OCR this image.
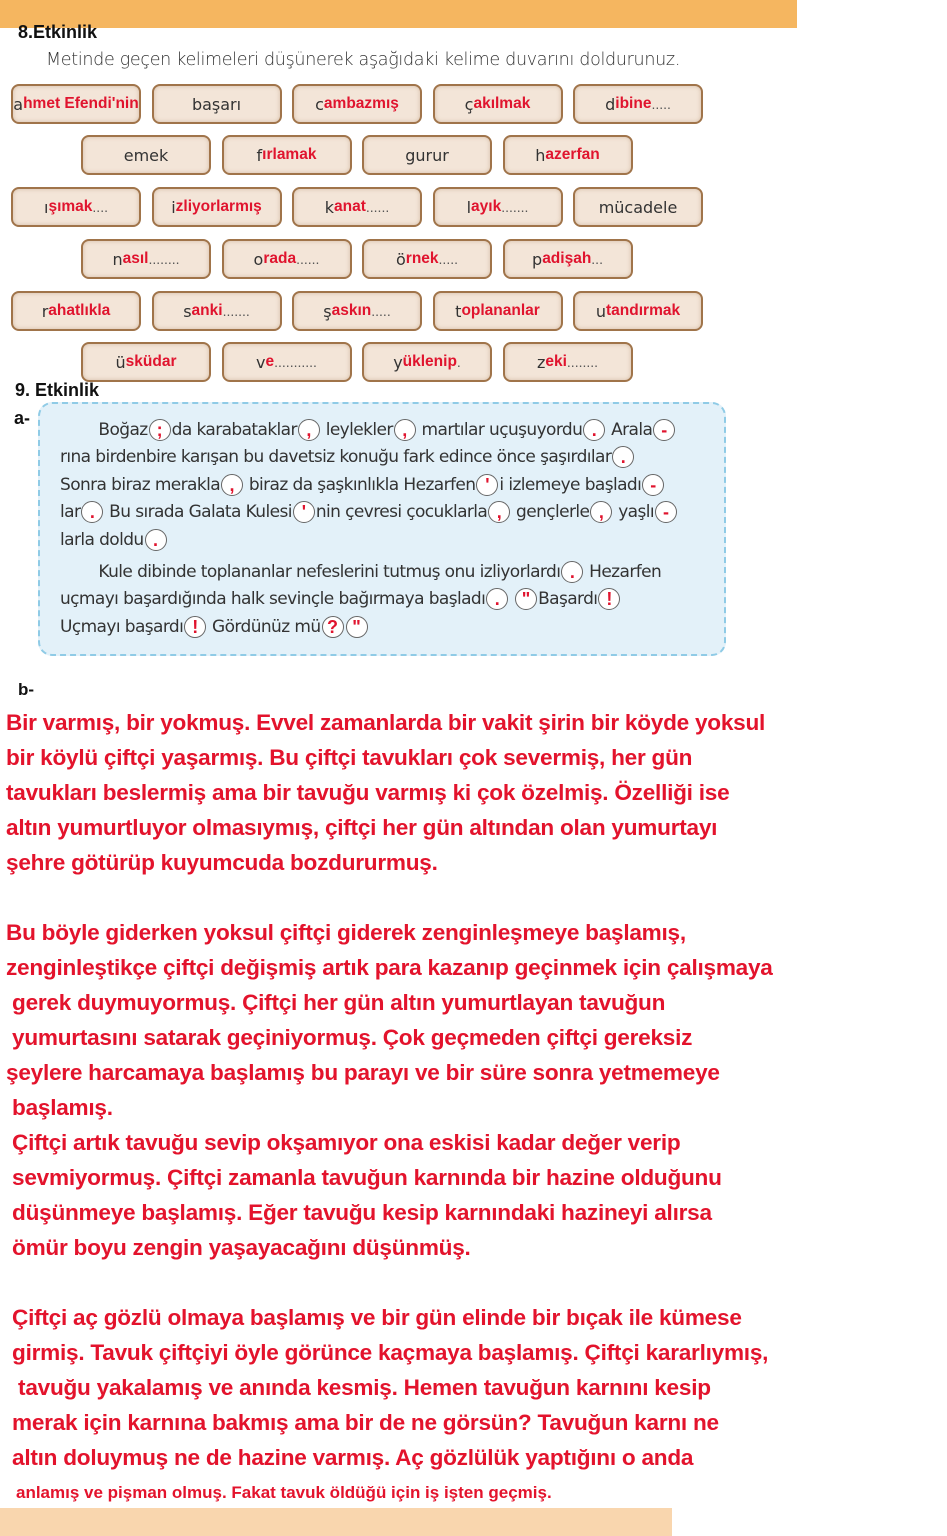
8.Etkinlik
Metinde geçen kelimeleri düşünerek aşağıdaki kelime duvarını doldurunuz.
a hmet Efendi'nin	başarı	c ambazmış	ç akılmak	d ibine .....
emek	f ırlamak	gurur	h azerfan
ı şımak ....	i zliyorlarmış	k anat ......	l ayık .......	mücadele
n asıl ........	o rada ......	ö rnek .....	p adişah ...
r ahatlıkla	s anki .......	ş askın .....	t oplananlar	u tandırmak
ü sküdar	v e ...........	y üklenip .	z eki ........
9. Etkinlik
a-
Boğaz ; da karabataklar , leylekler , martılar uçuşuyordu . Arala -
rına birdenbire karışan bu davetsiz konuğu fark edince önce şaşırdılar .
Sonra biraz merakla , biraz da şaşkınlıkla Hezarfen ' i izlemeye başladı -
lar . Bu sırada Galata Kulesi ' nin çevresi çocuklarla , gençlerle , yaşlı -
larla doldu .
Kule dibinde toplananlar nefeslerini tutmuş onu izliyorlardı . Hezarfen
uçmayı başardığında halk sevinçle bağırmaya başladı . " Başardı !
Uçmayı başardı ! Gördünüz mü ? "
b-
Bir varmış, bir yokmuş. Evvel zamanlarda bir vakit şirin bir köyde yoksul
bir köylü çiftçi yaşarmış. Bu çiftçi tavukları çok severmiş, her gün
tavukları beslermiş ama bir tavuğu varmış ki çok özelmiş. Özelliği ise
altın yumurtluyor olmasıymış, çiftçi her gün altından olan yumurtayı
şehre götürüp kuyumcuda bozdururmuş.
Bu böyle giderken yoksul çiftçi giderek zenginleşmeye başlamış,
zenginleştikçe çiftçi değişmiş artık para kazanıp geçinmek için çalışmaya
gerek duymuyormuş. Çiftçi her gün altın yumurtlayan tavuğun
yumurtasını satarak geçiniyormuş. Çok geçmeden çiftçi gereksiz
şeylere harcamaya başlamış bu parayı ve bir süre sonra yetmemeye
başlamış.
Çiftçi artık tavuğu sevip okşamıyor ona eskisi kadar değer verip
sevmiyormuş. Çiftçi zamanla tavuğun karnında bir hazine olduğunu
düşünmeye başlamış. Eğer tavuğu kesip karnındaki hazineyi alırsa
ömür boyu zengin yaşayacağını düşünmüş.
Çiftçi aç gözlü olmaya başlamış ve bir gün elinde bir bıçak ile kümese
girmiş. Tavuk çiftçiyi öyle görünce kaçmaya başlamış. Çiftçi kararlıymış,
tavuğu yakalamış ve anında kesmiş. Hemen tavuğun karnını kesip
merak için karnına bakmış ama bir de ne görsün? Tavuğun karnı ne
altın doluymuş ne de hazine varmış. Aç gözlülük yaptığını o anda
anlamış ve pişman olmuş. Fakat tavuk öldüğü için iş işten geçmiş.
